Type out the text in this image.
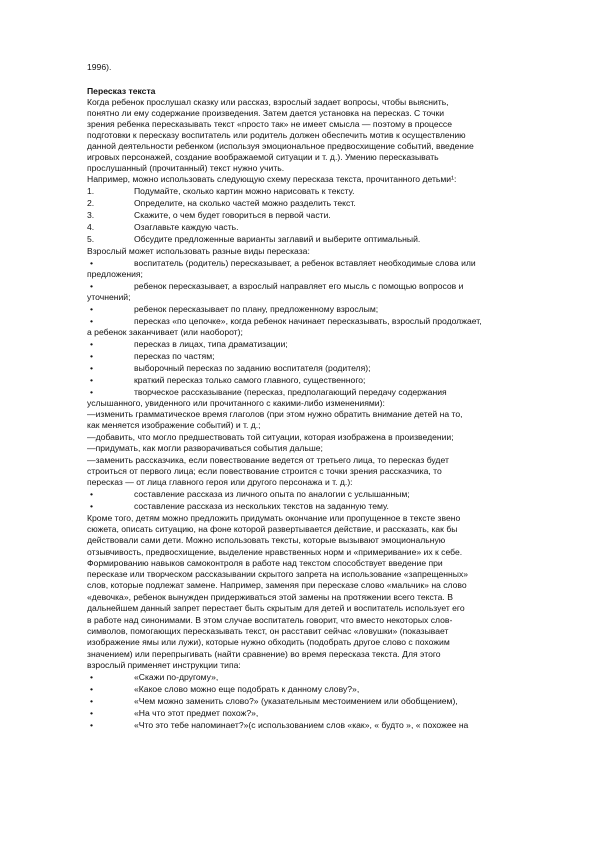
1996).
Пересказ текста
Когда ребенок прослушал сказку или рассказ, взрослый задает вопросы, чтобы выяснить,
понятно ли ему содержание произведения. Затем дается установка на пересказ. С точки
зрения ребенка пересказывать текст «просто так» не имеет смысла — поэтому в процессе
подготовки к пересказу воспитатель или родитель должен обеспечить мотив к осуществлению
данной деятельности ребенком (используя эмоциональное предвосхищение событий, введение
игровых персонажей, создание воображаемой ситуации и т. д.). Умению пересказывать
прослушанный (прочитанный) текст нужно учить.
Например, можно использовать следующую схему пересказа текста, прочитанного детьми¹:
1.	Подумайте, сколько картин можно нарисовать к тексту.
2.	Определите, на сколько частей можно разделить текст.
3.	Скажите, о чем будет говориться в первой части.
4.	Озаглавьте каждую часть.
5.	Обсудите предложенные варианты заглавий и выберите оптимальный.
Взрослый может использовать разные виды пересказа:
•	воспитатель (родитель) пересказывает, а ребенок вставляет необходимые слова или
предложения;
•	ребенок пересказывает, а взрослый направляет его мысль с помощью вопросов и
уточнений;
•	ребенок пересказывает по плану, предложенному взрослым;
•	пересказ «по цепочке», когда ребенок начинает пересказывать, взрослый продолжает,
а ребенок заканчивает (или наоборот);
•	пересказ в лицах, типа драматизации;
•	пересказ по частям;
•	выборочный пересказ по заданию воспитателя (родителя);
•	краткий пересказ только самого главного, существенного;
•	творческое рассказывание (пересказ, предполагающий передачу содержания
услышанного, увиденного или прочитанного с какими-либо изменениями):
—изменить грамматическое время глаголов (при этом нужно обратить внимание детей на то,
как меняется изображение событий) и т. д.;
—добавить, что могло предшествовать той ситуации, которая изображена в произведении;
—придумать, как могли разворачиваться события дальше;
—заменить рассказчика, если повествование ведется от третьего лица, то пересказ будет
строиться от первого лица; если повествование строится с точки зрения рассказчика, то
пересказ — от лица главного героя или другого персонажа и т. д.):
•	составление рассказа из личного опыта по аналогии с услышанным;
•	составление рассказа из нескольких текстов на заданную тему.
Кроме того, детям можно предложить придумать окончание или пропущенное в тексте звено
сюжета, описать ситуацию, на фоне которой развертывается действие, и рассказать, как бы
действовали сами дети. Можно использовать тексты, которые вызывают эмоциональную
отзывчивость, предвосхищение, выделение нравственных норм и «примеривание» их к себе.
Формированию навыков самоконтроля в работе над текстом способствует введение при
пересказе или творческом рассказывании скрытого запрета на использование «запрещенных»
слов, которые подлежат замене. Например, заменяя при пересказе слово «мальчик» на слово
«девочка», ребенок вынужден придерживаться этой замены на протяжении всего текста. В
дальнейшем данный запрет перестает быть скрытым для детей и воспитатель использует его
в работе над синонимами. В этом случае воспитатель говорит, что вместо некоторых слов-
символов, помогающих пересказывать текст, он расставит сейчас «ловушки» (показывает
изображение ямы или лужи), которые нужно обходить (подобрать другое слово с похожим
значением) или перепрыгивать (найти сравнение) во время пересказа текста. Для этого
взрослый применяет инструкции типа:
•	«Скажи по-другому»,
•	«Какое слово можно еще подобрать к данному слову?»,
•	«Чем можно заменить слово?» (указательным местоимением или обобщением),
•	«На что этот предмет похож?»,
•	«Что это тебе напоминает?»(с использованием слов «как», « будто », « похожее на
